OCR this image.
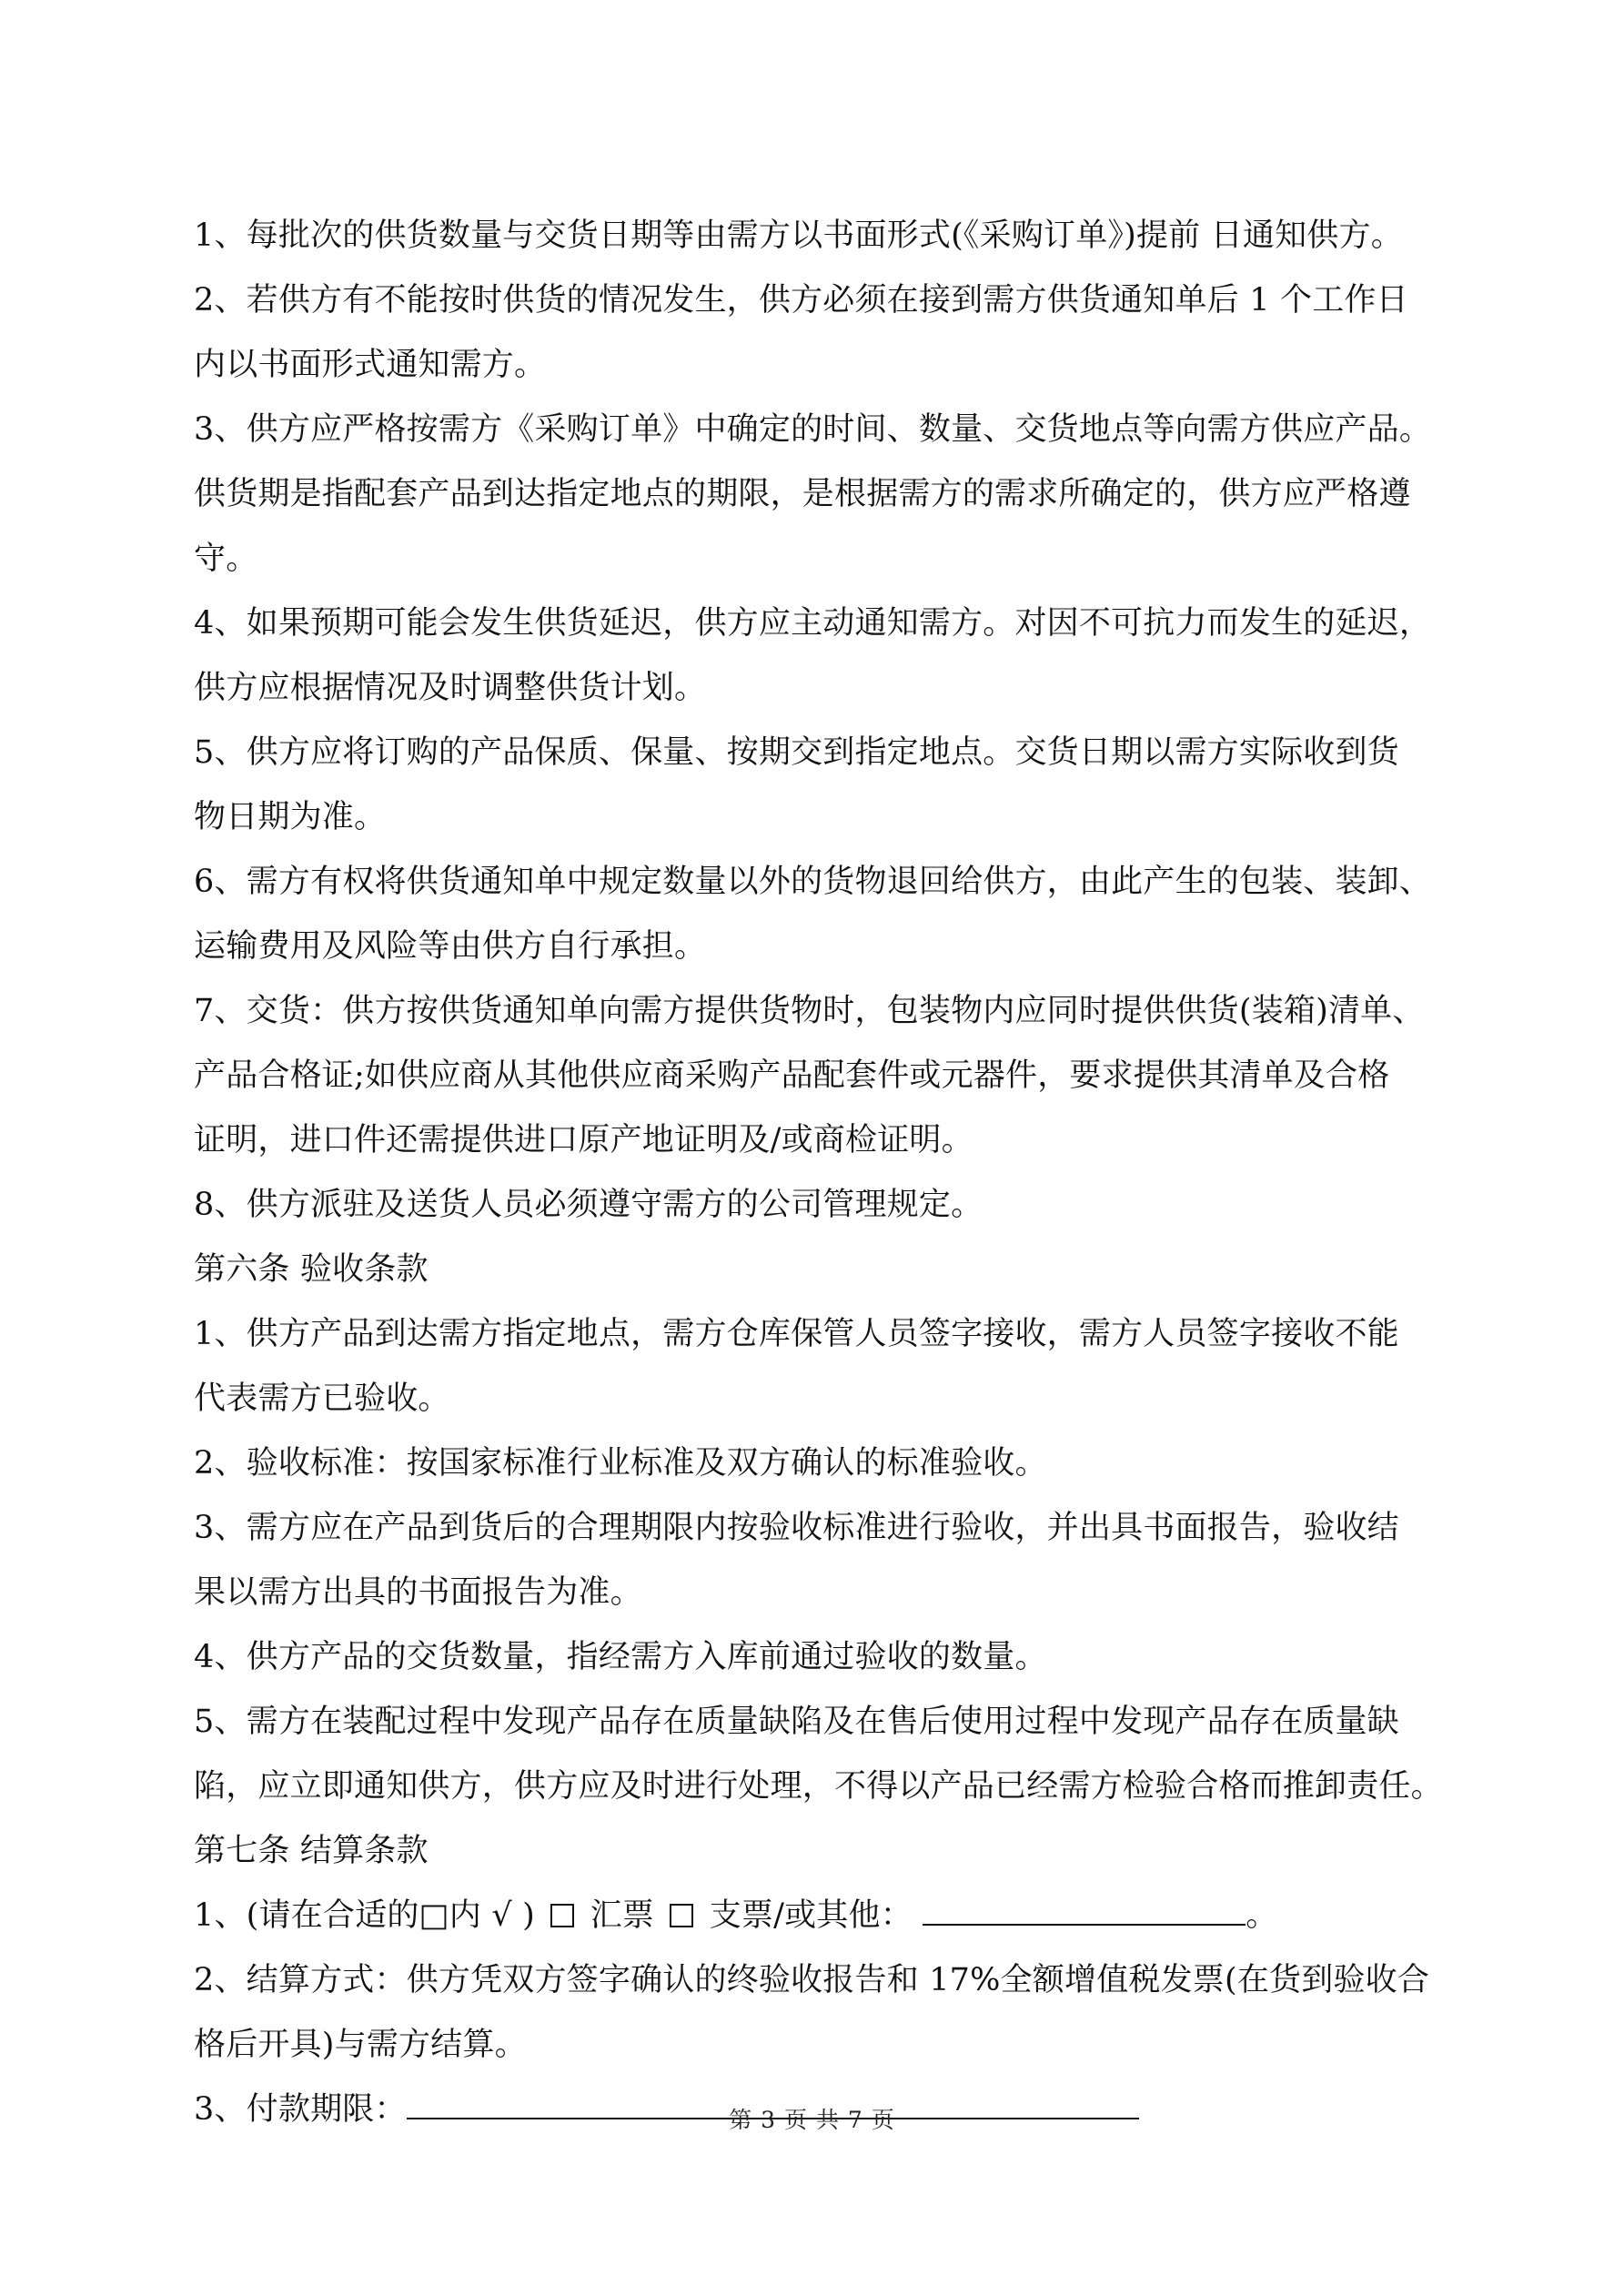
1、每批次的供货数量与交货日期等由需方以书面形式(《采购订单》)提前 日通知供方。
2、若供方有不能按时供货的情况发生，供方必须在接到需方供货通知单后 1 个工作日
内以书面形式通知需方。
3、供方应严格按需方《采购订单》中确定的时间、数量、交货地点等向需方供应产品。
供货期是指配套产品到达指定地点的期限，是根据需方的需求所确定的，供方应严格遵
守。
4、如果预期可能会发生供货延迟，供方应主动通知需方。对因不可抗力而发生的延迟，
供方应根据情况及时调整供货计划。
5、供方应将订购的产品保质、保量、按期交到指定地点。交货日期以需方实际收到货
物日期为准。
6、需方有权将供货通知单中规定数量以外的货物退回给供方，由此产生的包装、装卸、
运输费用及风险等由供方自行承担。
7、交货：供方按供货通知单向需方提供货物时，包装物内应同时提供供货(装箱)清单、
产品合格证;如供应商从其他供应商采购产品配套件或元器件，要求提供其清单及合格
证明，进口件还需提供进口原产地证明及/或商检证明。
8、供方派驻及送货人员必须遵守需方的公司管理规定。
第六条 验收条款
1、供方产品到达需方指定地点，需方仓库保管人员签字接收，需方人员签字接收不能
代表需方已验收。
2、验收标准：按国家标准行业标准及双方确认的标准验收。
3、需方应在产品到货后的合理期限内按验收标准进行验收，并出具书面报告，验收结
果以需方出具的书面报告为准。
4、供方产品的交货数量，指经需方入库前通过验收的数量。
5、需方在装配过程中发现产品存在质量缺陷及在售后使用过程中发现产品存在质量缺
陷，应立即通知供方，供方应及时进行处理，不得以产品已经需方检验合格而推卸责任。
第七条 结算条款
1、(请在合适的□内 √ ) 汇票 支票/或其他：	。
2、结算方式：供方凭双方签字确认的终验收报告和 17%全额增值税发票(在货到验收合
格后开具)与需方结算。
3、付款期限：	第 3 页 共 7 页
